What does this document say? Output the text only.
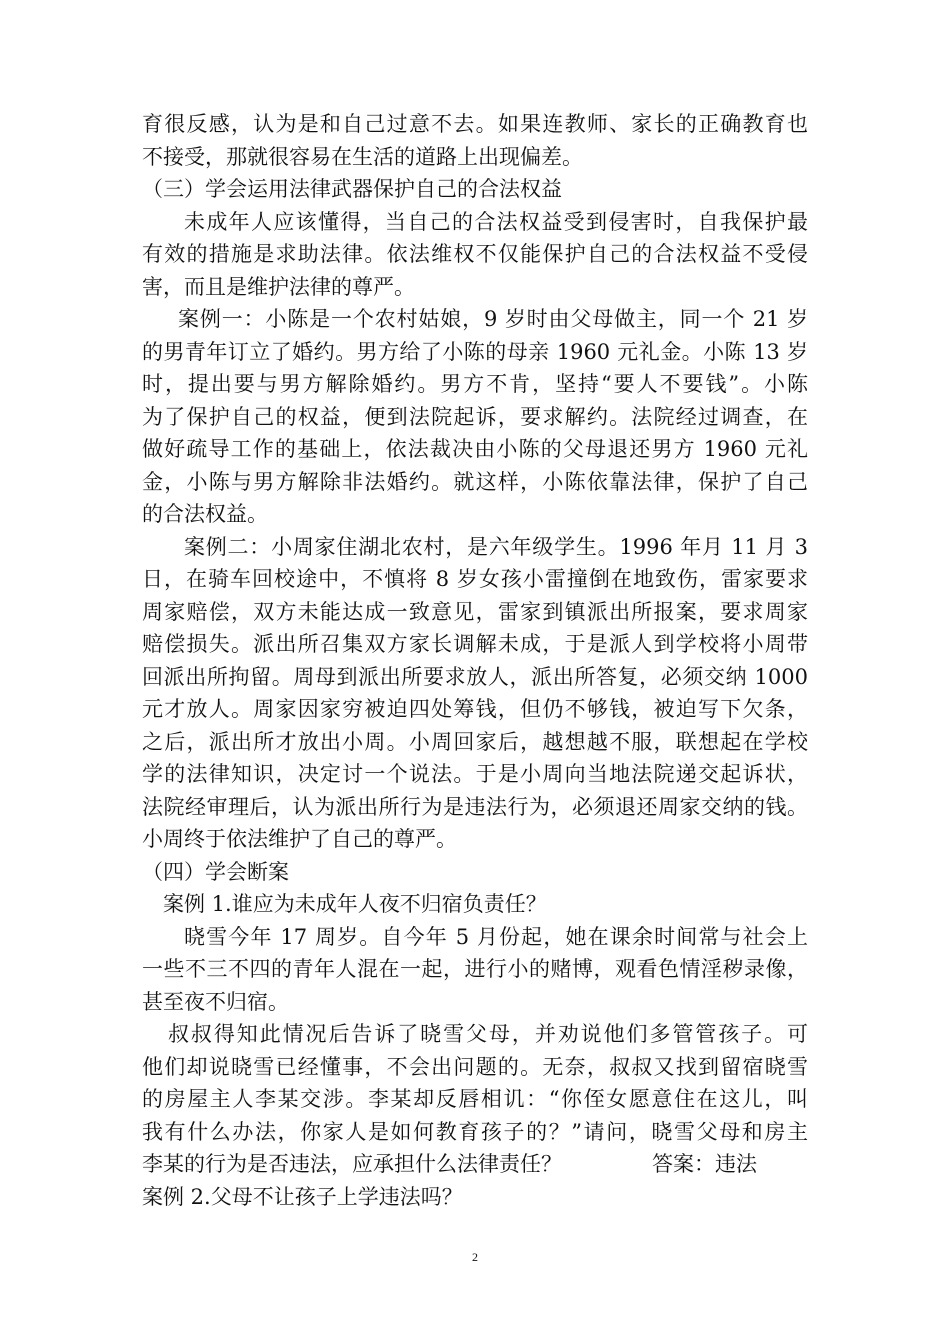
育很反感，认为是和自己过意不去。如果连教师、家长的正确教育也
不接受，那就很容易在生活的道路上出现偏差。
（三）学会运用法律武器保护自己的合法权益
未成年人应该懂得，当自己的合法权益受到侵害时，自我保护最
有效的措施是求助法律。依法维权不仅能保护自己的合法权益不受侵
害，而且是维护法律的尊严。
案例一：小陈是一个农村姑娘，9 岁时由父母做主，同一个 21 岁
的男青年订立了婚约。男方给了小陈的母亲 1960 元礼金。小陈 13 岁
时，提出要与男方解除婚约。男方不肯，坚持“要人不要钱”。小陈
为了保护自己的权益，便到法院起诉，要求解约。法院经过调查，在
做好疏导工作的基础上，依法裁决由小陈的父母退还男方 1960 元礼
金，小陈与男方解除非法婚约。就这样，小陈依靠法律，保护了自己
的合法权益。
案例二：小周家住湖北农村，是六年级学生。1996 年月 11 月 3
日，在骑车回校途中，不慎将 8 岁女孩小雷撞倒在地致伤，雷家要求
周家赔偿，双方未能达成一致意见，雷家到镇派出所报案，要求周家
赔偿损失。派出所召集双方家长调解未成，于是派人到学校将小周带
回派出所拘留。周母到派出所要求放人，派出所答复，必须交纳 1000
元才放人。周家因家穷被迫四处筹钱，但仍不够钱，被迫写下欠条，
之后，派出所才放出小周。小周回家后，越想越不服，联想起在学校
学的法律知识，决定讨一个说法。于是小周向当地法院递交起诉状，
法院经审理后，认为派出所行为是违法行为，必须退还周家交纳的钱。
小周终于依法维护了自己的尊严。
（四）学会断案
案例 1.谁应为未成年人夜不归宿负责任？
晓雪今年 17 周岁。自今年 5 月份起，她在课余时间常与社会上
一些不三不四的青年人混在一起，进行小的赌博，观看色情淫秽录像，
甚至夜不归宿。
叔叔得知此情况后告诉了晓雪父母，并劝说他们多管管孩子。可
他们却说晓雪已经懂事，不会出问题的。无奈，叔叔又找到留宿晓雪
的房屋主人李某交涉。李某却反唇相讥：“你侄女愿意住在这儿，叫
我有什么办法，你家人是如何教育孩子的？”请问，晓雪父母和房主
李某的行为是否违法，应承担什么法律责任？	答案：违法
案例 2.父母不让孩子上学违法吗？
2
